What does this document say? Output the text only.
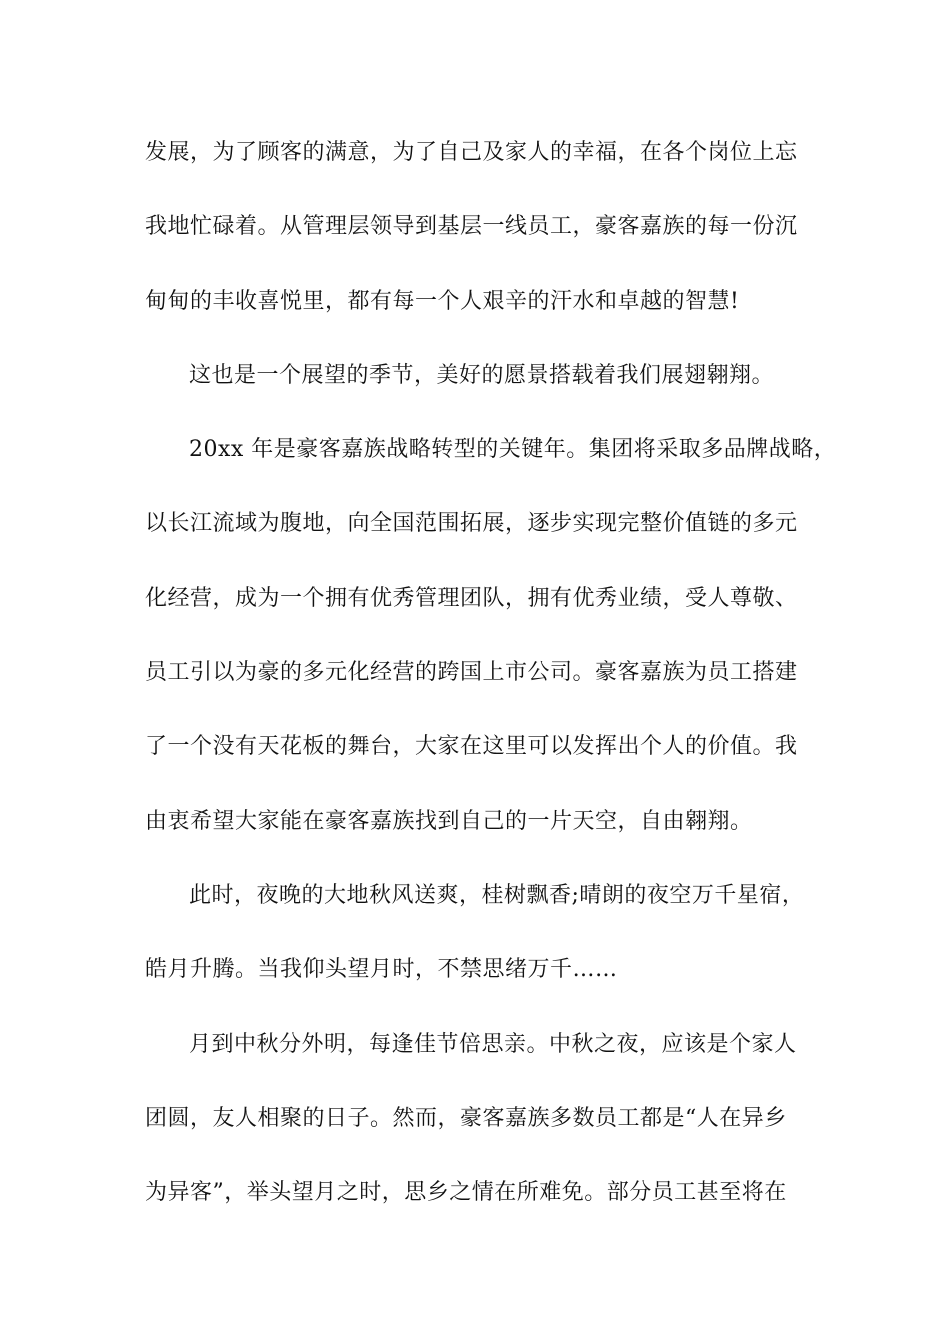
发展，为了顾客的满意，为了自己及家人的幸福，在各个岗位上忘
我地忙碌着。从管理层领导到基层一线员工，豪客嘉族的每一份沉
甸甸的丰收喜悦里，都有每一个人艰辛的汗水和卓越的智慧!
这也是一个展望的季节，美好的愿景搭载着我们展翅翱翔。
20xx 年是豪客嘉族战略转型的关键年。集团将采取多品牌战略，
以长江流域为腹地，向全国范围拓展，逐步实现完整价值链的多元
化经营，成为一个拥有优秀管理团队，拥有优秀业绩，受人尊敬、
员工引以为豪的多元化经营的跨国上市公司。豪客嘉族为员工搭建
了一个没有天花板的舞台，大家在这里可以发挥出个人的价值。我
由衷希望大家能在豪客嘉族找到自己的一片天空，自由翱翔。
此时，夜晚的大地秋风送爽，桂树飘香;晴朗的夜空万千星宿，
皓月升腾。当我仰头望月时，不禁思绪万千……
月到中秋分外明，每逢佳节倍思亲。中秋之夜，应该是个家人
团圆，友人相聚的日子。然而，豪客嘉族多数员工都是“人在异乡
为异客”，举头望月之时，思乡之情在所难免。部分员工甚至将在
